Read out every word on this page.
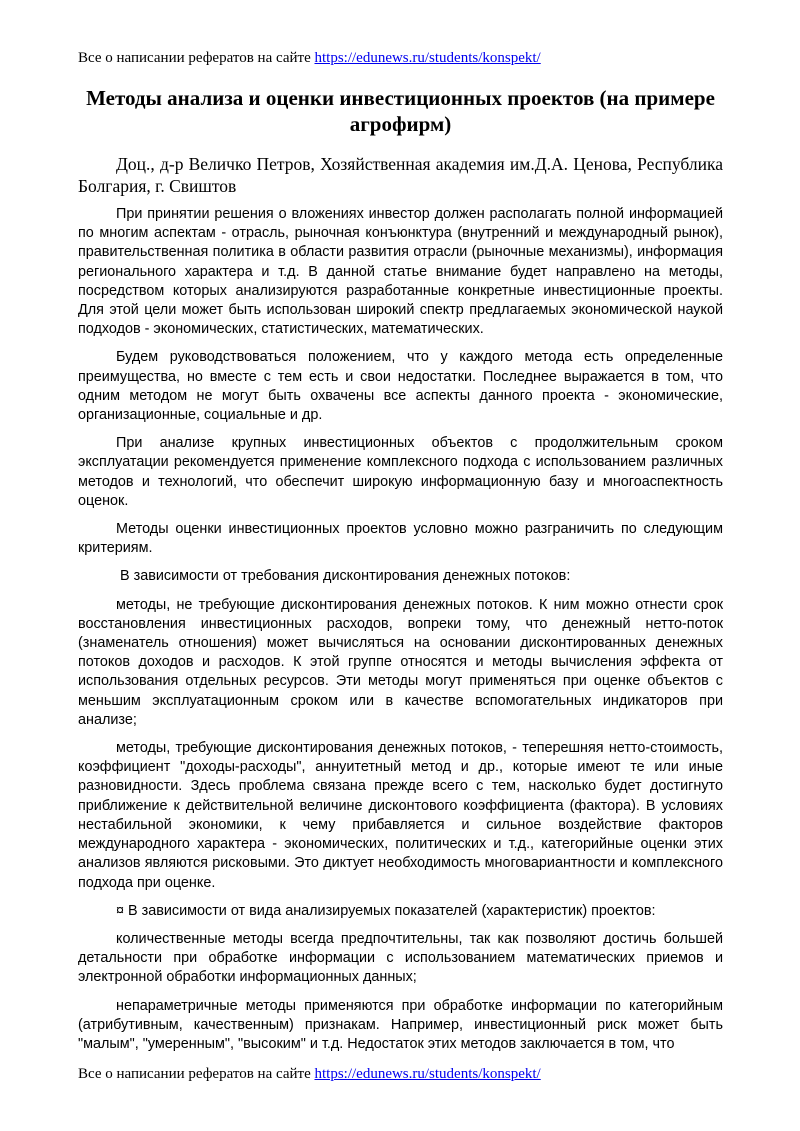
Все о написании рефератов на сайте https://edunews.ru/students/konspekt/
Методы анализа и оценки инвестиционных проектов (на примере агрофирм)
Доц., д-р Величко Петров, Хозяйственная академия им.Д.А. Ценова, Республика Болгария, г. Свиштов

При принятии решения о вложениях инвестор должен располагать полной информацией по многим аспектам - отрасль, рыночная конъюнктура (внутренний и международный рынок), правительственная политика в области развития отрасли (рыночные механизмы), информация регионального характера и т.д. В данной статье внимание будет направлено на методы, посредством которых анализируются разработанные конкретные инвестиционные проекты. Для этой цели может быть использован широкий спектр предлагаемых экономической наукой подходов - экономических, статистических, математических.

Будем руководствоваться положением, что у каждого метода есть определенные преимущества, но вместе с тем есть и свои недостатки. Последнее выражается в том, что одним методом не могут быть охвачены все аспекты данного проекта - экономические, организационные, социальные и др.

При анализе крупных инвестиционных объектов с продолжительным сроком эксплуатации рекомендуется применение комплексного подхода с использованием различных методов и технологий, что обеспечит широкую информационную базу и многоаспектность оценок.

Методы оценки инвестиционных проектов условно можно разграничить по следующим критериям.

В зависимости от требования дисконтирования денежных потоков:

методы, не требующие дисконтирования денежных потоков. К ним можно отнести срок восстановления инвестиционных расходов, вопреки тому, что денежный нетто-поток (знаменатель отношения) может вычисляться на основании дисконтированных денежных потоков доходов и расходов. К этой группе относятся и методы вычисления эффекта от использования отдельных ресурсов. Эти методы могут применяться при оценке объектов с меньшим эксплуатационным сроком или в качестве вспомогательных индикаторов при анализе;

методы, требующие дисконтирования денежных потоков, - теперешняя нетто-стоимость, коэффициент "доходы-расходы", аннуитетный метод и др., которые имеют те или иные разновидности. Здесь проблема связана прежде всего с тем, насколько будет достигнуто приближение к действительной величине дисконтового коэффициента (фактора). В условиях нестабильной экономики, к чему прибавляется и сильное воздействие факторов международного характера - экономических, политических и т.д., категорийные оценки этих анализов являются рисковыми. Это диктует необходимость многовариантности и комплексного подхода при оценке.

¤ В зависимости от вида анализируемых показателей (характеристик) проектов:

количественные методы всегда предпочтительны, так как позволяют достичь большей детальности при обработке информации с использованием математических приемов и электронной обработки информационных данных;

непараметричные методы применяются при обработке информации по категорийным (атрибутивным, качественным) признакам. Например, инвестиционный риск может быть "малым", "умеренным", "высоким" и т.д. Недостаток этих методов заключается в том, что

Все о написании рефератов на сайте https://edunews.ru/students/konspekt/
